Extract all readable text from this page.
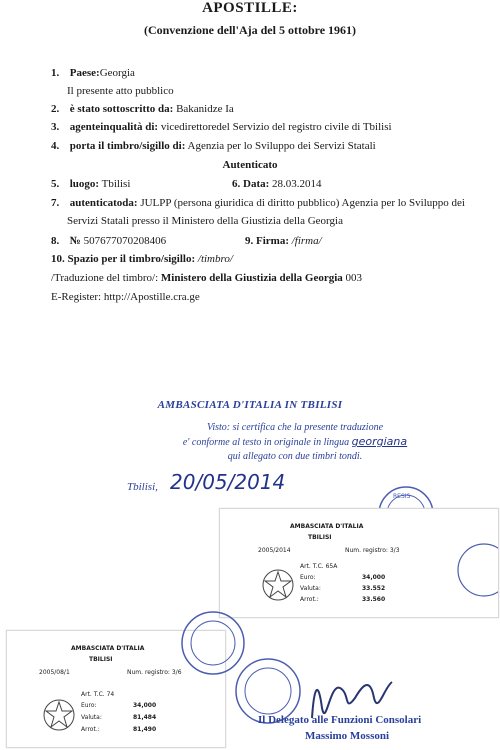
APOSTILLE:
(Convenzione dell'Aja del 5 ottobre 1961)
1. Paese:Georgia
Il presente atto pubblico
2. è stato sottoscritto da: Bakanidze Ia
3. agenteinqualità di: vicedirettoredel Servizio del registro civile di Tbilisi
4. porta il timbro/sigillo di: Agenzia per lo Sviluppo dei Servizi Statali
Autenticato
5. luogo: Tbilisi	6. Data: 28.03.2014
7. autenticatoda: JULPP (persona giuridica di diritto pubblico) Agenzia per lo Sviluppo dei
Servizi Statali presso il Ministero della Giustizia della Georgia
8. № 507677070208406	9. Firma: /firma/
10. Spazio per il timbro/sigillo: /timbro/
/Traduzione del timbro/: Ministero della Giustizia della Georgia 003
E-Register: http://Apostille.cra.ge
AMBASCIATA D'ITALIA IN TBILISI
Visto: si certifica che la presente traduzione
e' conforme al testo in originale in lingua georgiana
qui allegato con due timbri tondi.
Tbilisi, 20/05/2014
RESIS
AMBASCIATA D'ITALIA
TBILISI
2005/2014	Num. registro: 3/3
Art. T.C. 65A
Euro:	34,000
Valuta:	33.552
Arrot.:	33.560
AMBASCIATA D'ITALIA
TBILISI
2005/08/1	Num. registro: 3/6
Art. T.C. 74
Euro:	34,000
Valuta:	81,484
Arrot.:	81,490
Il Delegato alle Funzioni Consolari
Massimo Mossoni
